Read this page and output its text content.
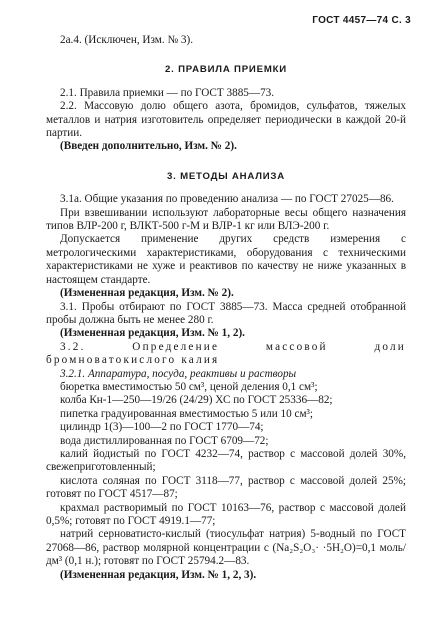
ГОСТ 4457—74 С. 3

2а.4. (Исключен, Изм. № 3).

2. ПРАВИЛА ПРИЕМКИ

2.1. Правила приемки — по ГОСТ 3885—73.

2.2. Массовую долю общего азота, бромидов, сульфатов, тяжелых металлов и натрия изготовитель определяет периодически в каждой 20-й партии.

(Введен дополнительно, Изм. № 2).

3. МЕТОДЫ АНАЛИЗА

3.1а. Общие указания по проведению анализа — по ГОСТ 27025—86.

При взвешивании используют лабораторные весы общего назначения типов ВЛР-200 г, ВЛКТ-500 г-М и ВЛР-1 кг или ВЛЭ-200 г.

Допускается применение других средств измерения с метрологическими характеристиками, оборудования с техническими характеристиками не хуже и реактивов по качеству не ниже указанных в настоящем стандарте.

(Измененная редакция, Изм. № 2).

3.1. Пробы отбирают по ГОСТ 3885—73. Масса средней отобранной пробы должна быть не менее 280 г.

(Измененная редакция, Изм. № 1, 2).

3.2. Определение массовой доли бромноватокислого калия

3.2.1. Аппаратура, посуда, реактивы и растворы

бюретка вместимостью 50 см³, ценой деления 0,1 см³;

колба Кн-1—250—19/26 (24/29) ХС по ГОСТ 25336—82;

пипетка градуированная вместимостью 5 или 10 см³;

цилиндр 1(3)—100—2 по ГОСТ 1770—74;

вода дистиллированная по ГОСТ 6709—72;

калий йодистый по ГОСТ 4232—74, раствор с массовой долей 30%, свежеприготовленный;

кислота соляная по ГОСТ 3118—77, раствор с массовой долей 25%; готовят по ГОСТ 4517—87;

крахмал растворимый по ГОСТ 10163—76, раствор с массовой долей 0,5%; готовят по ГОСТ 4919.1—77;

натрий серноватисто-кислый (тиосульфат натрия) 5-водный по ГОСТ 27068—86, раствор молярной концентрации с (Na₂S₂O₃· ·5H₂O)=0,1 моль/дм³ (0,1 н.); готовят по ГОСТ 25794.2—83.

(Измененная редакция, Изм. № 1, 2, 3).
